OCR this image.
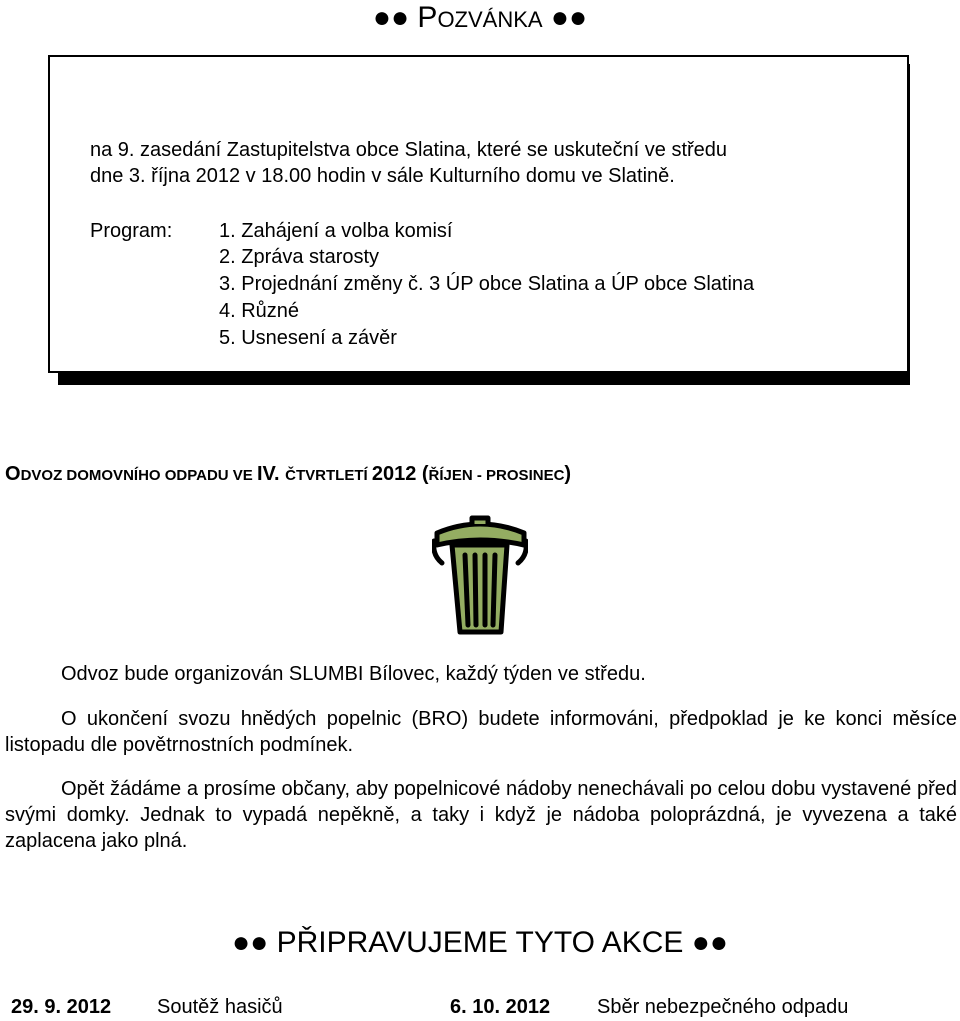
●● POZVÁNKA ●●
na 9. zasedání Zastupitelstva obce Slatina, které se uskuteční ve středu
dne 3. října 2012 v 18.00 hodin v sále Kulturního domu ve Slatině.
Program: 1. Zahájení a volba komisí
2. Zpráva starosty
3. Projednání změny č. 3 ÚP obce Slatina a ÚP obce Slatina
4. Různé
5. Usnesení a závěr
ODVOZ DOMOVNÍHO ODPADU VE IV. ČTVRTLETÍ 2012 (ŘÍJEN - PROSINEC)
Odvoz bude organizován SLUMBI Bílovec, každý týden ve středu.
O ukončení svozu hnědých popelnic (BRO) budete informováni, předpoklad je ke konci měsíce listopadu dle povětrnostních podmínek.
Opět žádáme a prosíme občany, aby popelnicové nádoby nenechávali po celou dobu vystavené před svými domky. Jednak to vypadá nepěkně, a taky i když je nádoba poloprázdná, je vyvezena a také zaplacena jako plná.
●● PŘIPRAVUJEME TYTO AKCE ●●
29. 9. 2012 Soutěž hasičů	6. 10. 2012 Sběr nebezpečného odpadu
